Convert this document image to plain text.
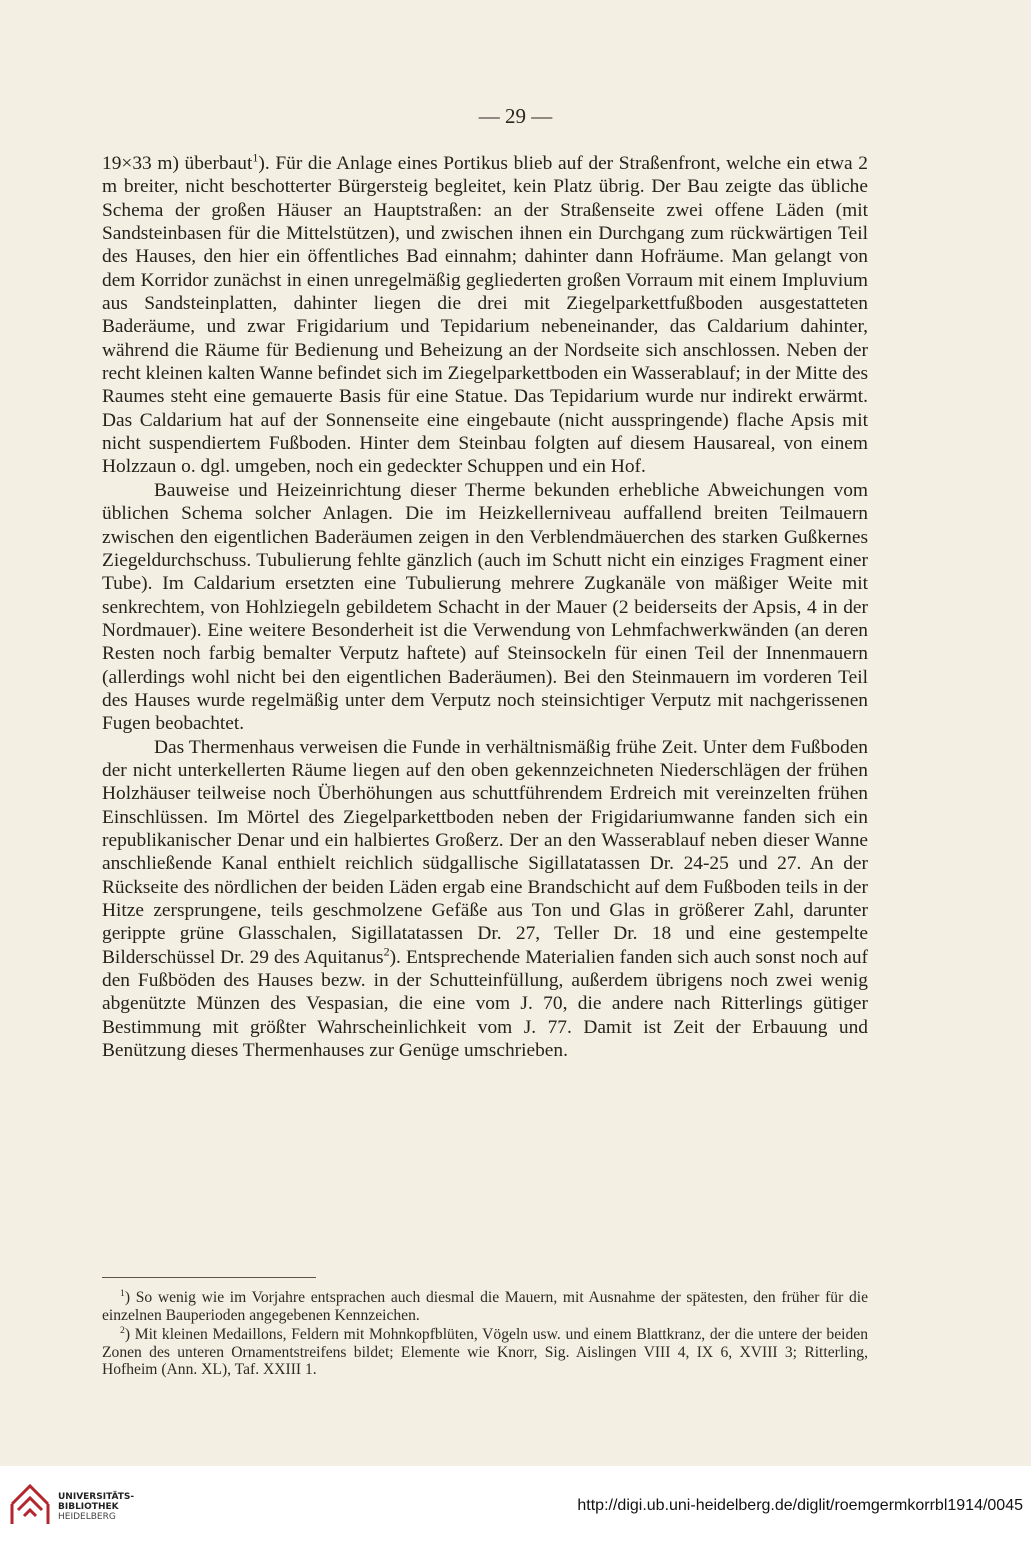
— 29 —

19×33 m) überbaut$^1$). Für die Anlage eines Portikus blieb auf der Straßenfront, welche ein etwa 2 m breiter, nicht beschotterter Bürgersteig begleitet, kein Platz übrig. Der Bau zeigte das übliche Schema der großen Häuser an Hauptstraßen: an der Straßenseite zwei offene Läden (mit Sandsteinbasen für die Mittelstützen), und zwischen ihnen ein Durchgang zum rückwärtigen Teil des Hauses, den hier ein öffentliches Bad einnahm; dahinter dann Hofräume. Man gelangt von dem Korridor zunächst in einen unregelmäßig gegliederten großen Vorraum mit einem Impluvium aus Sandsteinplatten, dahinter liegen die drei mit Ziegelparkettfußboden ausgestatteten Baderäume, und zwar Frigidarium und Tepidarium nebeneinander, das Caldarium dahinter, während die Räume für Bedienung und Beheizung an der Nordseite sich anschlossen. Neben der recht kleinen kalten Wanne befindet sich im Ziegelparkettboden ein Wasserablauf; in der Mitte des Raumes steht eine gemauerte Basis für eine Statue. Das Tepidarium wurde nur indirekt erwärmt. Das Caldarium hat auf der Sonnenseite eine eingebaute (nicht ausspringende) flache Apsis mit nicht suspendiertem Fußboden. Hinter dem Steinbau folgten auf diesem Hausareal, von einem Holzzaun o. dgl. umgeben, noch ein gedeckter Schuppen und ein Hof.

Bauweise und Heizeinrichtung dieser Therme bekunden erhebliche Abweichungen vom üblichen Schema solcher Anlagen. Die im Heizkellerniveau auffallend breiten Teilmauern zwischen den eigentlichen Baderäumen zeigen in den Verblendmäuerchen des starken Gußkernes Ziegeldurchschuss. Tubulierung fehlte gänzlich (auch im Schutt nicht ein einziges Fragment einer Tube). Im Caldarium ersetzten eine Tubulierung mehrere Zugkanäle von mäßiger Weite mit senkrechtem, von Hohlziegeln gebildetem Schacht in der Mauer (2 beiderseits der Apsis, 4 in der Nordmauer). Eine weitere Besonderheit ist die Verwendung von Lehmfachwerkwänden (an deren Resten noch farbig bemalter Verputz haftete) auf Steinsockeln für einen Teil der Innenmauern (allerdings wohl nicht bei den eigentlichen Baderäumen). Bei den Steinmauern im vorderen Teil des Hauses wurde regelmäßig unter dem Verputz noch steinsichtiger Verputz mit nachgerissenen Fugen beobachtet.

Das Thermenhaus verweisen die Funde in verhältnismäßig frühe Zeit. Unter dem Fußboden der nicht unterkellerten Räume liegen auf den oben gekennzeichneten Niederschlägen der frühen Holzhäuser teilweise noch Überhöhungen aus schuttführendem Erdreich mit vereinzelten frühen Einschlüssen. Im Mörtel des Ziegelparkettboden neben der Frigidariumwanne fanden sich ein republikanischer Denar und ein halbiertes Großerz. Der an den Wasserablauf neben dieser Wanne anschließende Kanal enthielt reichlich südgallische Sigillatatassen Dr. 24-25 und 27. An der Rückseite des nördlichen der beiden Läden ergab eine Brandschicht auf dem Fußboden teils in der Hitze zersprungene, teils geschmolzene Gefäße aus Ton und Glas in größerer Zahl, darunter gerippte grüne Glasschalen, Sigillatatassen Dr. 27, Teller Dr. 18 und eine gestempelte Bilderschüssel Dr. 29 des Aquitanus$^2$). Entsprechende Materialien fanden sich auch sonst noch auf den Fußböden des Hauses bezw. in der Schutteinfüllung, außerdem übrigens noch zwei wenig abgenützte Münzen des Vespasian, die eine vom J. 70, die andere nach Ritterlings gütiger Bestimmung mit größter Wahrscheinlichkeit vom J. 77. Damit ist Zeit der Erbauung und Benützung dieses Thermenhauses zur Genüge umschrieben.

$^1$) So wenig wie im Vorjahre entsprachen auch diesmal die Mauern, mit Ausnahme der spätesten, den früher für die einzelnen Bauperioden angegebenen Kennzeichen.

$^2$) Mit kleinen Medaillons, Feldern mit Mohnkopfblüten, Vögeln usw. und einem Blattkranz, der die untere der beiden Zonen des unteren Ornamentstreifens bildet; Elemente wie Knorr, Sig. Aislingen VIII 4, IX 6, XVIII 3; Ritterling, Hofheim (Ann. XL), Taf. XXIII 1.

UNIVERSITÄTS-
BIBLIOTHEK
HEIDELBERG
http://digi.ub.uni-heidelberg.de/diglit/roemgermkorrbl1914/0045
